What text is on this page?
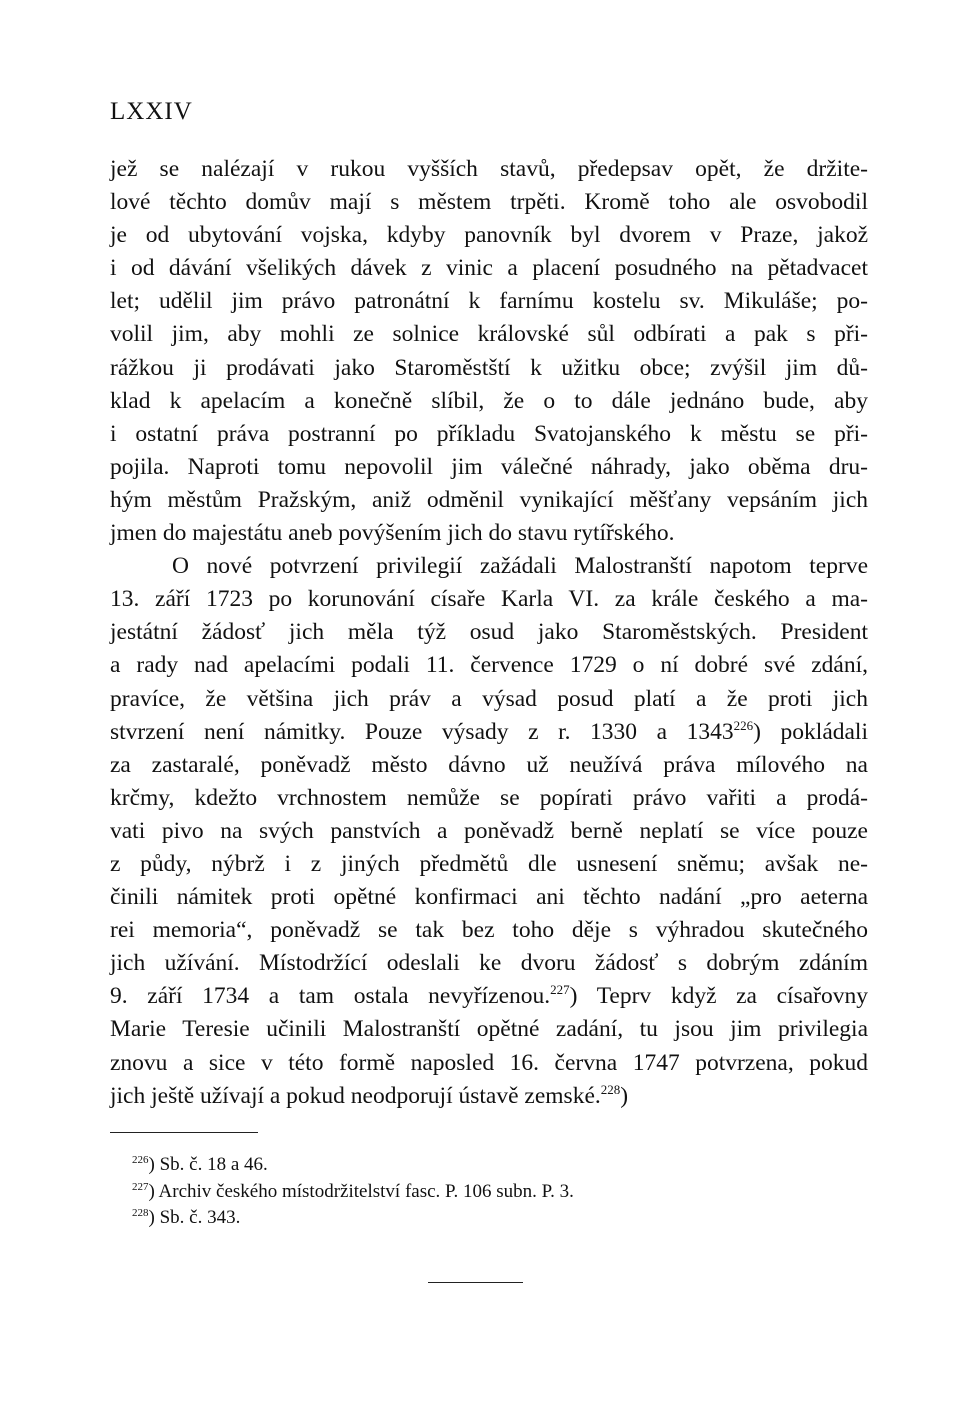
LXXIV
jež se nalézají v rukou vyšších stavů, předepsav opět, že držite-
lové těchto domův mají s městem trpěti. Kromě toho ale osvobodil
je od ubytování vojska, kdyby panovník byl dvorem v Praze, jakož
i od dávání všelikých dávek z vinic a placení posudného na pětadvacet
let; udělil jim právo patronátní k farnímu kostelu sv. Mikuláše; po-
volil jim, aby mohli ze solnice královské sůl odbírati a pak s při-
rážkou ji prodávati jako Staroměstští k užitku obce; zvýšil jim dů-
klad k apelacím a konečně slíbil, že o to dále jednáno bude, aby
i ostatní práva postranní po příkladu Svatojanského k městu se při-
pojila. Naproti tomu nepovolil jim válečné náhrady, jako oběma dru-
hým městům Pražským, aniž odměnil vynikající měšťany vepsáním jich
jmen do majestátu aneb povýšením jich do stavu rytířského.
O nové potvrzení privilegií zažádali Malostranští napotom teprve
13. září 1723 po korunování císaře Karla VI. za krále českého a ma-
jestátní žádosť jich měla týž osud jako Staroměstských. President
a rady nad apelacími podali 11. července 1729 o ní dobré své zdání,
pravíce, že většina jich práv a výsad posud platí a že proti jich
stvrzení není námitky. Pouze výsady z r. 1330 a 1343$^{226}$) pokládali
za zastaralé, poněvadž město dávno už neužívá práva mílového na
krčmy, kdežto vrchnostem nemůže se popírati právo vařiti a prodá-
vati pivo na svých panstvích a poněvadž berně neplatí se více pouze
z půdy, nýbrž i z jiných předmětů dle usnesení sněmu; avšak ne-
činili námitek proti opětné konfirmaci ani těchto nadání „pro aeterna
rei memoria“, poněvadž se tak bez toho děje s výhradou skutečného
jich užívání. Místodržící odeslali ke dvoru žádosť s dobrým zdáním
9. září 1734 a tam ostala nevyřízenou.$^{227}$) Teprv když za císařovny
Marie Teresie učinili Malostranští opětné zadání, tu jsou jim privilegia
znovu a sice v této formě naposled 16. června 1747 potvrzena, pokud
jich ještě užívají a pokud neodporují ústavě zemské.$^{228}$)
$^{226}$) Sb. č. 18 a 46.
$^{227}$) Archiv českého místodržitelství fasc. P. 106 subn. P. 3.
$^{228}$) Sb. č. 343.
